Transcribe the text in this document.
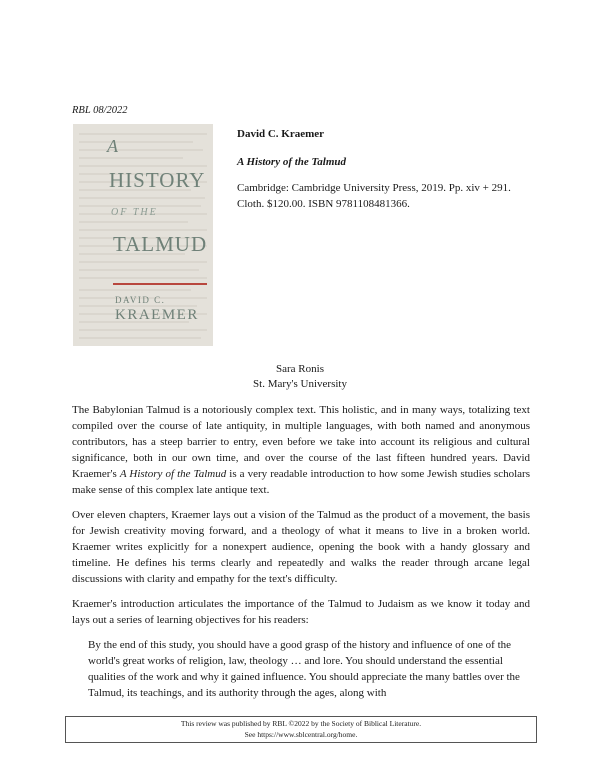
RBL 08/2022
A
HISTORY
OF THE
TALMUD
DAVID C.
KRAEMER

David C. Kraemer

A History of the Talmud

Cambridge: Cambridge University Press, 2019. Pp. xiv + 291. Cloth. $120.00. ISBN 9781108481366.

Sara Ronis
St. Mary's University

The Babylonian Talmud is a notoriously complex text. This holistic, and in many ways, totalizing text compiled over the course of late antiquity, in multiple languages, with both named and anonymous contributors, has a steep barrier to entry, even before we take into account its religious and cultural significance, both in our own time, and over the course of the last fifteen hundred years. David Kraemer's A History of the Talmud is a very readable introduction to how some Jewish studies scholars make sense of this complex late antique text.

Over eleven chapters, Kraemer lays out a vision of the Talmud as the product of a movement, the basis for Jewish creativity moving forward, and a theology of what it means to live in a broken world. Kraemer writes explicitly for a nonexpert audience, opening the book with a handy glossary and timeline. He defines his terms clearly and repeatedly and walks the reader through arcane legal discussions with clarity and empathy for the text's difficulty.

Kraemer's introduction articulates the importance of the Talmud to Judaism as we know it today and lays out a series of learning objectives for his readers:

By the end of this study, you should have a good grasp of the history and influence of one of the world's great works of religion, law, theology … and lore. You should understand the essential qualities of the work and why it gained influence. You should appreciate the many battles over the Talmud, its teachings, and its authority through the ages, along with

This review was published by RBL ©2022 by the Society of Biblical Literature.
See https://www.sblcentral.org/home.
